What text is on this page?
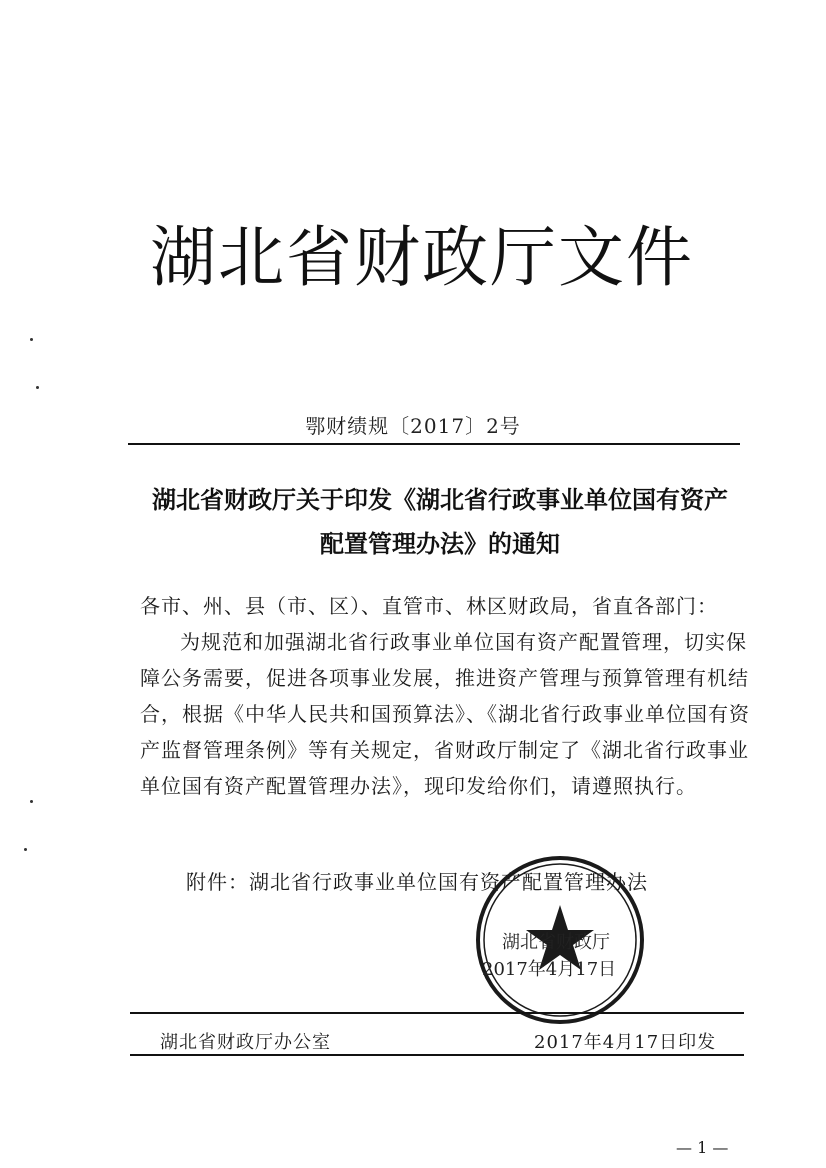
湖北省财政厅文件
鄂财绩规〔2017〕2号
湖北省财政厅关于印发《湖北省行政事业单位国有资产
配置管理办法》的通知

各市、州、县（市、区）、直管市、林区财政局，省直各部门：

为规范和加强湖北省行政事业单位国有资产配置管理，切实保障公务需要，促进各项事业发展，推进资产管理与预算管理有机结合，根据《中华人民共和国预算法》、《湖北省行政事业单位国有资产监督管理条例》等有关规定，省财政厅制定了《湖北省行政事业单位国有资产配置管理办法》，现印发给你们，请遵照执行。

附件：湖北省行政事业单位国有资产配置管理办法
湖北省财政厅
2017年4月17日
湖北省财政厅办公室	2017年4月17日印发
— 1 —
